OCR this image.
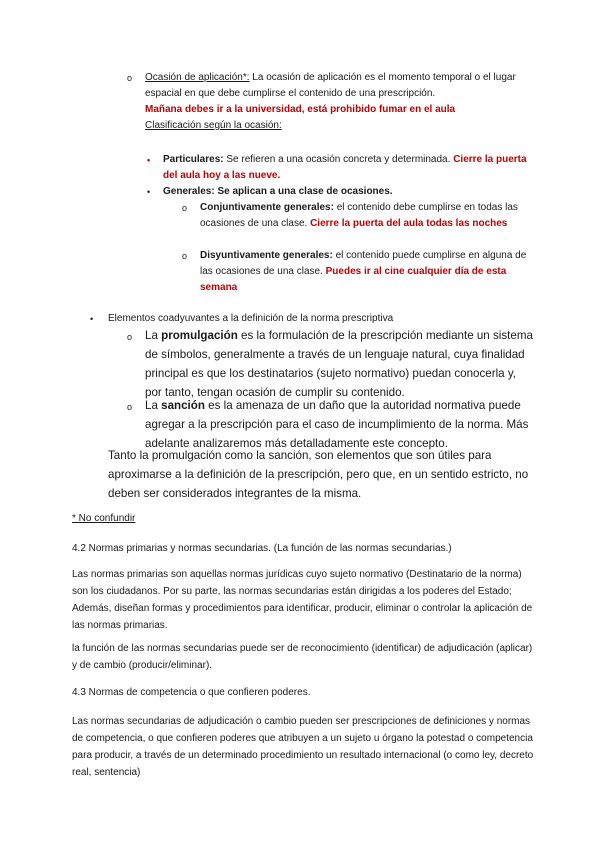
o Ocasión de aplicación*: La ocasión de aplicación es el momento temporal o el lugar espacial en que debe cumplirse el contenido de una prescripción.
Mañana debes ir a la universidad, está prohibido fumar en el aula
Clasificación según la ocasión:
• Particulares: Se refieren a una ocasión concreta y determinada. Cierre la puerta del aula hoy a las nueve.
• Generales: Se aplican a una clase de ocasiones.
o Conjuntivamente generales: el contenido debe cumplirse en todas las ocasiones de una clase. Cierre la puerta del aula todas las noches
o Disyuntivamente generales: el contenido puede cumplirse en alguna de las ocasiones de una clase. Puedes ir al cine cualquier día de esta semana
• Elementos coadyuvantes a la definición de la norma prescriptiva
o La promulgación es la formulación de la prescripción mediante un sistema de símbolos, generalmente a través de un lenguaje natural, cuya finalidad principal es que los destinatarios (sujeto normativo) puedan conocerla y, por tanto, tengan ocasión de cumplir su contenido.
o La sanción es la amenaza de un daño que la autoridad normativa puede agregar a la prescripción para el caso de incumplimiento de la norma. Más adelante analizaremos más detalladamente este concepto.
Tanto la promulgación como la sanción, son elementos que son útiles para aproximarse a la definición de la prescripción, pero que, en un sentido estricto, no deben ser considerados integrantes de la misma.
* No confundir
4.2 Normas primarias y normas secundarias. (La función de las normas secundarias.)
Las normas primarias son aquellas normas jurídicas cuyo sujeto normativo (Destinatario de la norma) son los ciudadanos. Por su parte, las normas secundarias están dirigidas a los poderes del Estado; Además, diseñan formas y procedimientos para identificar, producir, eliminar o controlar la aplicación de las normas primarias.
la función de las normas secundarias puede ser de reconocimiento (identificar) de adjudicación (aplicar) y de cambio (producir/eliminar).
4.3 Normas de competencia o que confieren poderes.
Las normas secundarias de adjudicación o cambio pueden ser prescripciones de definiciones y normas de competencia, o que confieren poderes que atribuyen a un sujeto u órgano la potestad o competencia para producir, a través de un determinado procedimiento un resultado internacional (o como ley, decreto real, sentencia)
